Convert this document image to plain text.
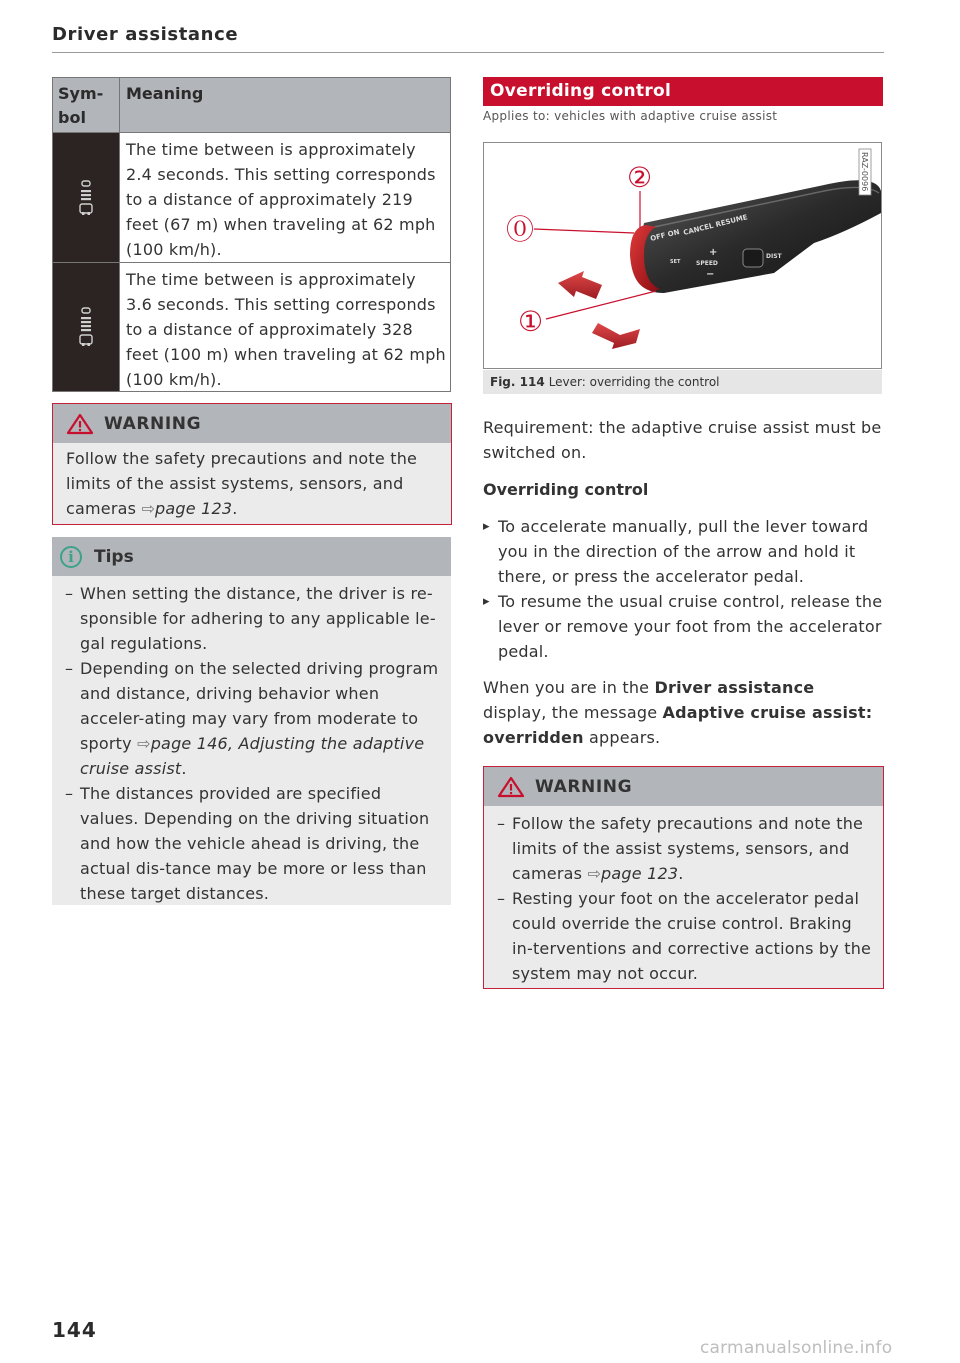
Driver assistance
Sym-
bol
Meaning
The time between is approximately 2.4 seconds. This setting corresponds to a distance of approximately 219 feet (67 m) when traveling at 62 mph (100 km/h).
The time between is approximately 3.6 seconds. This setting corresponds to a distance of approximately 328 feet (100 m) when traveling at 62 mph (100 km/h).
WARNING
Follow the safety precautions and note the limits of the assist systems, sensors, and cameras ⇨page 123.
i	Tips
– When setting the distance, the driver is re-sponsible for adhering to any applicable le-gal regulations.
– Depending on the selected driving program and distance, driving behavior when acceler-ating may vary from moderate to sporty ⇨page 146, Adjusting the adaptive cruise assist.
– The distances provided are specified values. Depending on the driving situation and how the vehicle ahead is driving, the actual dis-tance may be more or less than these target distances.
Overriding control
Applies to: vehicles with adaptive cruise assist
OFF ON CANCEL RESUME
SPEED
+
−
DIST
SET
②
⓪
①
RAZ-0096
Fig. 114 Lever: overriding the control
Requirement: the adaptive cruise assist must be switched on.
Overriding control
▸ To accelerate manually, pull the lever toward you in the direction of the arrow and hold it there, or press the accelerator pedal.
▸ To resume the usual cruise control, release the lever or remove your foot from the accelerator pedal.
When you are in the Driver assistance display, the message Adaptive cruise assist: overridden appears.
WARNING
– Follow the safety precautions and note the limits of the assist systems, sensors, and cameras ⇨page 123.
– Resting your foot on the accelerator pedal could override the cruise control. Braking in-terventions and corrective actions by the system may not occur.
144
carmanualsonline.info
